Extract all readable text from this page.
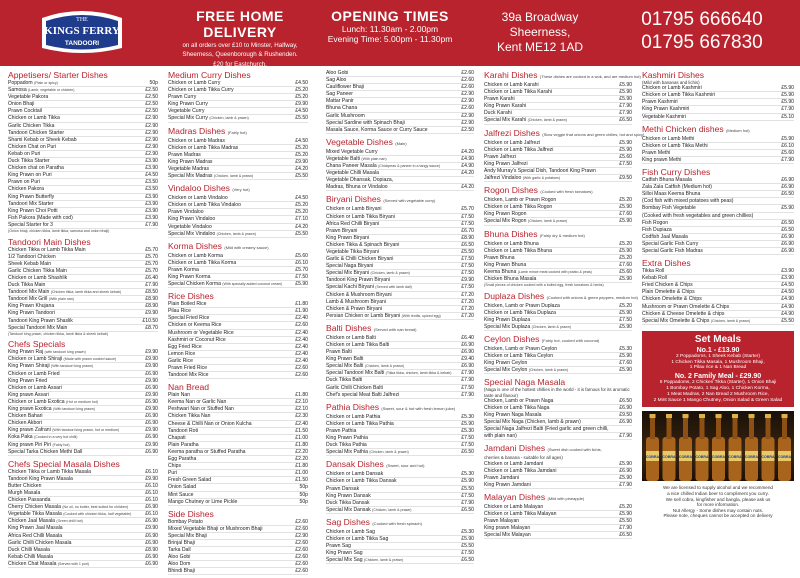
THE
KINGS FERRY
TANDOORI
FREE HOME DELIVERY
on all orders over £10 to Minster, Halfway,
Sheerness, Queenborough & Rushenden.
£20 for Eastchurch.
OPENING TIMES
Lunch: 11.30am - 2.00pm
Evening Time: 5.00pm - 11.30pm
39a Broadway
Sheerness,
Kent ME12 1AD
01795 666640
01795 667830
Appetisers/ Starter Dishes
Poppadom (Plain or spicy)	50p
Samosa (Lamb, vegetable or chicken)	£2.50
Vegetable Pakora	£2.50
Onion Bhaji	£2.50
Prawn Cocktail	£2.50
Chicken or Lamb Tikka	£2.90
Garlic Chicken Tikka	£2.90
Tandoori Chicken Starter	£2.90
Shami Kebab or Sheek Kebab	£2.90
Chicken Chat on Puri	£2.90
Kebab on Puri	£2.90
Duck Tikka Starter	£3.90
Chicken chat on Paratha	£3.90
King Prawn on Puri	£4.50
Prawn on Puri	£3.50
Chicken Pakora	£3.50
King Prawn Butterfly	£3.90
Tandoori Mix Starter	£3.90
King Prawn Choi Potti	£3.90
Fish Pakora (Made with cod)	£3.90
Special Starter for 3	£7.90
(Onion bhaji, chicken tikka, lamb tikka, samosa and onion bhaji)
Tandoori Main Dishes
Chicken Tikka or Lamb Tikka Main	£5.70
1/2 Tandoori Chicken	£5.70
Sheek Kebab Main	£5.70
Garlic Chicken Tikka Main	£5.70
Chicken or Lamb Shashlik	£6.40
Duck Tikka Main	£7.90
Tandoori Mix Main (Chicken tikka, lamb tikka and sheek kebab)	£8.50
Tandoori Mix Grill (With plain nan)	£8.90
King Prawn Khujana	£8.90
King Prawn Tandoori	£9.90
Tandoori King Prawn Shaslik	£10.50
Special Tandoori Mix Main	£8.70
(Tandoori king prawn, chicken tikka, lamb tikka & sheek kebab)
Chefs Specials
King Prawn Raj (with tandoori king prawn)	£9.90
Chicken or Lamb Shiraji (Made with prawn cooked sauce)	£9.90
King Prawn Shiraji (With tandoori king prawn)	£9.90
Chicken or Lamb Fried	£6.90
King Prawn Fried	£9.90
Chicken or Lamb Assari	£6.90
King prawn Assari	£9.90
Chicken or Lamb Exotica (Hot or medium hot)	£6.90
King prawn Exotica (With tandoori king prawn)	£9.90
Chicken Bahari	£6.90
Chicken Akbori	£6.90
King prawn Zafrani (With tandoori king prawn, hot or medium)	£9.90
Koka Paka (Cooked in a very hot chilli)	£6.90
King prawn Piri Piri (Fairly hot)	£9.90
Special Tarka Chicken Methi Dall	£6.90
Chefs Special Masala Dishes
Chicken Tikka or Lamb Tikka Masala	£6.10
Tandoori King Prawn Masala	£9.90
Butter Chicken	£6.10
Murgh Masala	£6.10
Chicken Passanda	£6.10
Cherry Chicken Masala (No oil, no butter, best suited for children)	£6.90
Vegetable Tikka Masala (Cooked with chicken tikka, half vegetable)	£6.10
Chicken Jaal Masala (Green chilli hot)	£6.90
King Prawn Jaal Masala	£9.90
Africa Red Chilli Masala	£6.90
Garlic Chilli Chicken Masala	£6.90
Duck Chilli Masala	£8.90
Kebab Chilli Masala	£6.90
Chicken Chat Masala (Served with 1 puri)	£6.90
Medium Curry Dishes
Chicken or Lamb Curry	£4.50
Chicken or Lamb Tikka Curry	£5.20
Prawn Curry	£5.20
King Prawn Curry	£9.90
Vegetable Curry	£4.50
Special Mix Curry (Chicken, lamb & prawn)	£5.50
Madras Dishes (Fairly hot)
Chicken or Lamb Madras	£4.50
Chicken or Lamb Tikka Madras	£5.20
Prawn Madras	£5.20
King Prawn Madras	£9.90
Vegetable Madras	£4.20
Special Mix Madras (Chicken, lamb & prawn)	£5.50
Vindaloo Dishes (Very hot)
Chicken or Lamb Vindaloo	£4.50
Chicken or Lamb Tikka Vindaloo	£5.20
Prawn Vindaloo	£5.20
King Prawn Vindaloo	£7.10
Vegetable Vindaloo	£4.20
Special Mix Vindaloo (Chicken, lamb & prawn)	£5.50
Korma Dishes (Mild with creamy sauce)
Chicken or Lamb Korma	£5.60
Chicken or Lamb Tikka Korma	£6.10
Prawn Korma	£5.70
King Prawn Korma	£7.50
Special Chicken Korma (With specially added coconut cream)	£5.90
Rice Dishes
Plain Boiled Rice	£1.80
Pilau Rice	£1.90
Special Fried Rice	£2.40
Chicken or Keema Rice	£2.60
Mushroom or Vegetable Rice	£2.40
Kashmiri or Coconut Rice	£2.40
Egg Fried Rice	£2.40
Lemon Rice	£2.40
Garlic Rice	£2.40
Prawn Fried Rice	£2.60
Tandoori Mix Rice	£2.60
Nan Bread
Plain Nan	£1.80
Keema Nan or Garlic Nan	£2.10
Peshwari Nan or Stuffed Nan	£2.10
Chicken Tikka Nan	£2.30
Cheese & Chilli Nan or Onion Kulcha	£2.40
Tandoori Roti	£1.50
Chapati	£1.00
Plain Paratha	£1.80
Keema paratha or Stuffed Paratha	£2.20
Egg Paratha	£2.20
Chips	£1.80
Puri	£1.00
Fresh Green Salad	£1.50
Onion Salad	50p
Mint Sauce	50p
Mango Chutney or Lime Pickle	50p
Side Dishes
Bombay Potato	£2.60
Mixed Vegetable Bhaji or Mushroom Bhaji	£2.60
Special Mix Bhaji	£2.90
Brinjal Bhaji	£2.60
Tarka Dall	£2.60
Aloo Gobi	£2.60
Aloo Dom	£2.60
Bhindi Bhaji	£2.60
Aloo Gobi	£2.60
Sag Aloo	£2.60
Cauliflower Bhaji	£2.60
Sag Paneer	£2.90
Mattar Panir	£2.90
Bhuna Chana	£2.60
Garlic Mushroom	£2.90
Special Sardine with Spinach Bhaji	£2.90
Masala Sauce, Korma Sauce or Curry Sauce	£2.50
Vegetable Dishes (Main)
Mixed Vegetable Curry	£4.20
Vegetable Balti (With plain nan)	£4.90
Chana Paneer Masala (Chickpeas & paneer in a tangy sauce)	£4.90
Vegetable Chilli Masala	£4.20
Vegetable Dhansak, Dopiaza,
Madras, Bhuna or Vindaloo	£4.20
Biryani Dishes (Served with vegetable curry)
Chicken or Lamb Biryani	£5.70
Chicken or Lamb Tikka Biryani	£7.50
Africa Red Chilli Biryani	£7.50
Prawn Biryani	£6.70
King Prawn Biryani	£8.90
Chicken Tikka & Spinach Biryani	£6.50
Vegetable Tikka Biryani	£5.50
Garlic & Chilli Chicken Biryani	£7.50
Special Naga Biryani	£7.50
Special Mix Biryani (Chicken, lamb & prawn)	£7.50
Tandoori King Prawn Biryani	£9.90
Special Kachi Biryani (Served with lamb dall)	£7.50
Chicken & Mushroom Biryani	£7.20
Lamb & Mushroom Biryani	£7.20
Chicken & Prawn Biryani	£7.20
Persian Chicken or Lamb Biryani (With lentils, spiced egg)	£7.20
Balti Dishes (Served with nan bread)
Chicken or Lamb Balti	£6.40
Chicken or Lamb Tikka Balti	£6.90
Prawn Balti	£6.90
King Prawn Balti	£9.40
Special Mix Balti (Chicken, lamb & prawn)	£6.90
Special Tandoori Mix Balti (Tikka tikka, chicken, lamb tikka & kebab)	£7.90
Duck Tikka Balti	£7.90
Garlic Chilli Chicken Balti	£7.50
Chef's special Meat Balti Jalfrezi	£7.90
Pathia Dishes (Sweet, sour & hot with fresh lemon juice)
Chicken or Lamb Pathia	£5.30
Chicken or Lamb Tikka Pathia	£5.90
Prawn Pathia	£5.30
King Prawn Pathia	£7.50
Duck Tikka Pathia	£7.50
Special Mix Pathia (Chicken, lamb & prawn)	£6.50
Dansak Dishes (Sweet, sour and hot)
Chicken or Lamb Dansak	£5.30
Chicken or Lamb Tikka Dansak	£5.90
Prawn Dansak	£5.50
King Prawn Dansak	£7.50
Duck Tikka Dansak	£7.90
Special Mix Dansak (Chicken, lamb & prawn)	£6.50
Sag Dishes (Cooked with fresh spinach)
Chicken or Lamb Sag	£5.30
Chicken or Lamb Tikka Sag	£5.90
Prawn Sag	£5.50
King Prawn Sag	£7.50
Special Mix Sag (Chicken, lamb & prawn)	£6.50
Karahi Dishes (These dishes are cooked in a wok, and are medium hot)
Chicken or Lamb Karahi	£5.90
Chicken or Lamb Tikka Karahi	£5.90
Prawn Karahi	£5.90
King Prawn Karahi	£7.90
Duck Karahi	£7.90
Special Mix Karahi (Chicken, lamb & prawn)	£6.50
Jalfrezi Dishes (Slow veggie that onions and green chilies, hot and spicy)
Chicken or Lamb Jalfrezi	£5.90
Chicken or Lamb Tikka Jalfrezi	£5.90
Prawn Jalfrezi	£5.60
King Prawn Jalfrezi	£7.50
Andy Murray's Special Dish, Tandoori King Prawn
Jalfrezi Vindaloo (With garlic & potatoes)	£9.50
Rogon Dishes (Cooked with fresh tomatoes)
Chicken, Lamb or Prawn Rogon	£5.20
Chicken or Lamb Tikka Rogon	£5.90
King Prawn Rogon	£7.60
Special Mix Rogon (Chicken, lamb & prawn)	£5.90
Bhuna Dishes (Fairly dry & medium hot)
Chicken or Lamb Bhuna	£5.20
Chicken or Lamb Tikka Bhuna	£5.90
Prawn Bhuna	£5.20
King Prawn Bhuna	£7.60
Keema Bhuna (Lamb mince meat cooked with potato & peas)	£5.60
Chicken Bhuna Masala	£5.90
(Small pieces of chicken cooked with a boiled egg, fresh tomatoes & herbs)
Duplaza Dishes (Cooked with onions & green peppers, medium hot)
Chicken, Lamb or Prawn Duplaza	£5.20
Chicken or Lamb Tikka Duplaza	£5.90
King Prawn Duplaza	£7.50
Special Mix Duplaza (Chicken, lamb & prawn)	£5.90
Ceylon Dishes (Fairly hot, cooked with coconut)
Chicken, Lamb or Prawn Ceylon	£5.30
Chicken or Lamb Tikka Ceylon	£5.90
King Prawn Ceylon	£7.60
Special Mix Ceylon (Chicken, lamb & prawn)	£5.90
Special Naga Masala
(Naga is one of the hottest chillies in the world - it is famous for its aromatic taste and flavour)
Chicken, Lamb or Prawn Naga	£6.50
Chicken or Lamb Tikka Naga	£6.90
King Prawn Naga Masala	£9.50
Special Mix Naga (Chicken, lamb & prawn)	£6.90
Special Naga Jalfrezi Balti (Fried garlic and green chilli,
with plain nan)	£7.90
Jamdani Dishes (Sweet dish cooked with lichis,
cherries & banana - suitable for all ages)
Chicken or Lamb Jamdani	£5.90
Chicken or Lamb Tikka Jamdani	£6.90
Prawn Jamdani	£5.90
King Prawn Jamdani	£7.90
Malayan Dishes (Mild with pineapple)
Chicken or Lamb Malayan	£5.20
Chicken or Lamb Tikka Malayan	£5.90
Prawn Malayan	£5.50
King prawn Malayan	£7.90
Special Mix Malayan	£6.50
Kashmiri Dishes
(Mild with bananas and lichis)
Chicken or Lamb Kashmiri	£5.90
Chicken or Lamb Tikka Kashmiri	£5.90
Prawn Kashmiri	£5.90
King Prawn Kashmiri	£7.90
Vegetable Kashmiri	£5.10
Methi Chicken dishes (Medium hot)
Chicken or Lamb Methi	£5.90
Chicken or Lamb Tikka Methi	£6.10
Prawn Methi	£5.60
King prawn Methi	£7.90
Fish Curry Dishes
Catfish Bhuna Masala	£6.90
Zala Zala Catfish (Medium hot)	£6.90
Silloi Maas Keema Bhuna	£6.50
(Cod fish with mixed potatoes with peas)
Bombay Fish Vegetable	£5.90
(Cooked with fresh vegetables and green chillies)
Fish Rogon	£6.50
Fish Dupiaza	£6.50
Codfish Jaal Masala	£6.90
Special Garlic Fish Curry	£6.90
Special Garlic Fish Madras	£6.90
Extra Dishes
Tikka Roll	£3.90
Kebab Roll	£3.90
Fried Chicken & Chips	£4.50
Plain Omelette & Chips	£4.50
Chicken Omelette & Chips	£4.90
Mushroom or Prawn Omelette & Chips	£4.90
Chicken & Cheese Omelette & chips	£4.90
Special Mix Omelette & Chips (Chicken, lamb & prawn)	£5.50
Set Meals
No.1 - £13.90
2 Poppadoms, 1 Sheek Kebab (Starter)
1 Chicken Tikka Masala, 1 Mushroom Bhaji,
1 Pilau rice & 1 Nan Bread
No. 2 Family Meal - £29.90
6 Poppadoms, 2 Chicken Tikka (Starter), 1 Onion Bhaji
1 Bombay Potato, 1 Sag Aloo, 1 Chicken Korma,
1 Meat Madras, 2 Nan Bread 2 Mushroom Rice,
2 Mint Sauce 1 Mango Chutney, Onion Salad & Green Salad
COBRA COBRA COBRA COBRA COBRA COBRA COBRA COBRA COBRA
We are licensed to supply alcohol and we recommend
a nice chilled Indian beer to compliment you curry.
We sell cobra, kingfisher and bangla, please ask us
for more information.
Nut Allergy - Some dishes may contain nuts.
Please note, cheques cannot be accepted on delivery
